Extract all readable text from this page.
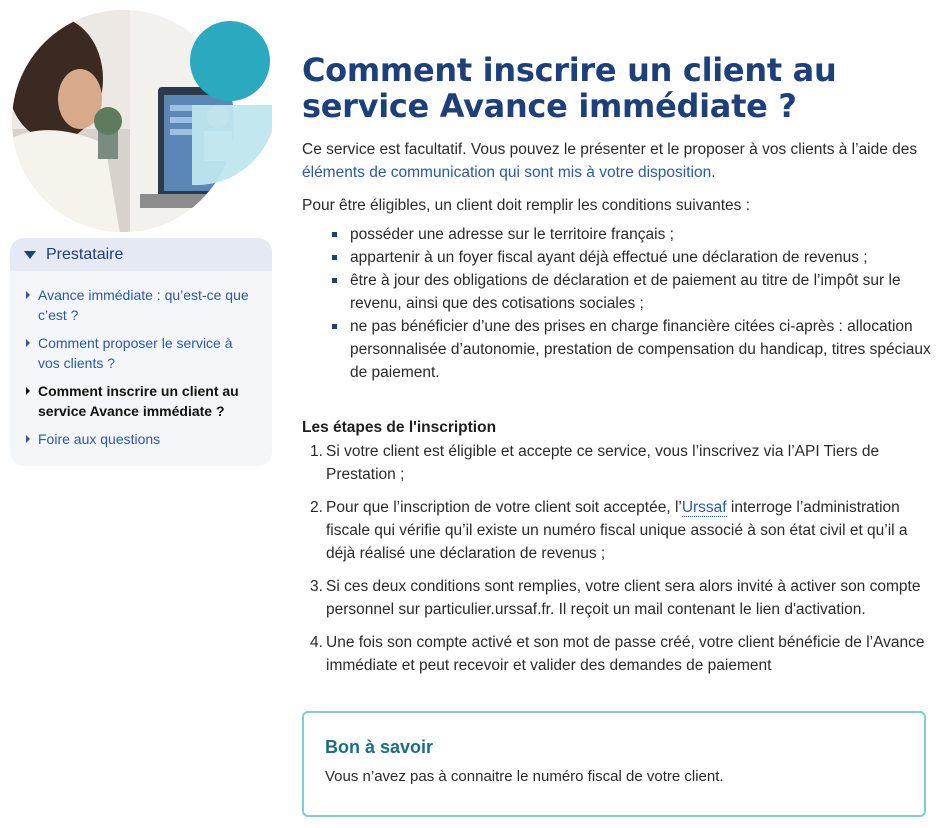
Prestataire
Avance immédiate : qu’est-ce que c’est ?
Comment proposer le service à vos clients ?
Comment inscrire un client au service Avance immédiate ?
Foire aux questions
Comment inscrire un client au service Avance immédiate ?

Ce service est facultatif. Vous pouvez le présenter et le proposer à vos clients à l’aide des éléments de communication qui sont mis à votre disposition.

Pour être éligibles, un client doit remplir les conditions suivantes :

posséder une adresse sur le territoire français ;
appartenir à un foyer fiscal ayant déjà effectué une déclaration de revenus ;
être à jour des obligations de déclaration et de paiement au titre de l’impôt sur le revenu, ainsi que des cotisations sociales ;
ne pas bénéficier d’une des prises en charge financière citées ci-après : allocation personnalisée d’autonomie, prestation de compensation du handicap, titres spéciaux de paiement.
Les étapes de l'inscription
1. Si votre client est éligible et accepte ce service, vous l’inscrivez via l’API Tiers de Prestation ;
2. Pour que l’inscription de votre client soit acceptée, l’Urssaf interroge l’administration fiscale qui vérifie qu’il existe un numéro fiscal unique associé à son état civil et qu’il a déjà réalisé une déclaration de revenus ;
3. Si ces deux conditions sont remplies, votre client sera alors invité à activer son compte personnel sur particulier.urssaf.fr. Il reçoit un mail contenant le lien d'activation.
4. Une fois son compte activé et son mot de passe créé, votre client bénéficie de l’Avance immédiate et peut recevoir et valider des demandes de paiement
Bon à savoir
Vous n’avez pas à connaitre le numéro fiscal de votre client.
